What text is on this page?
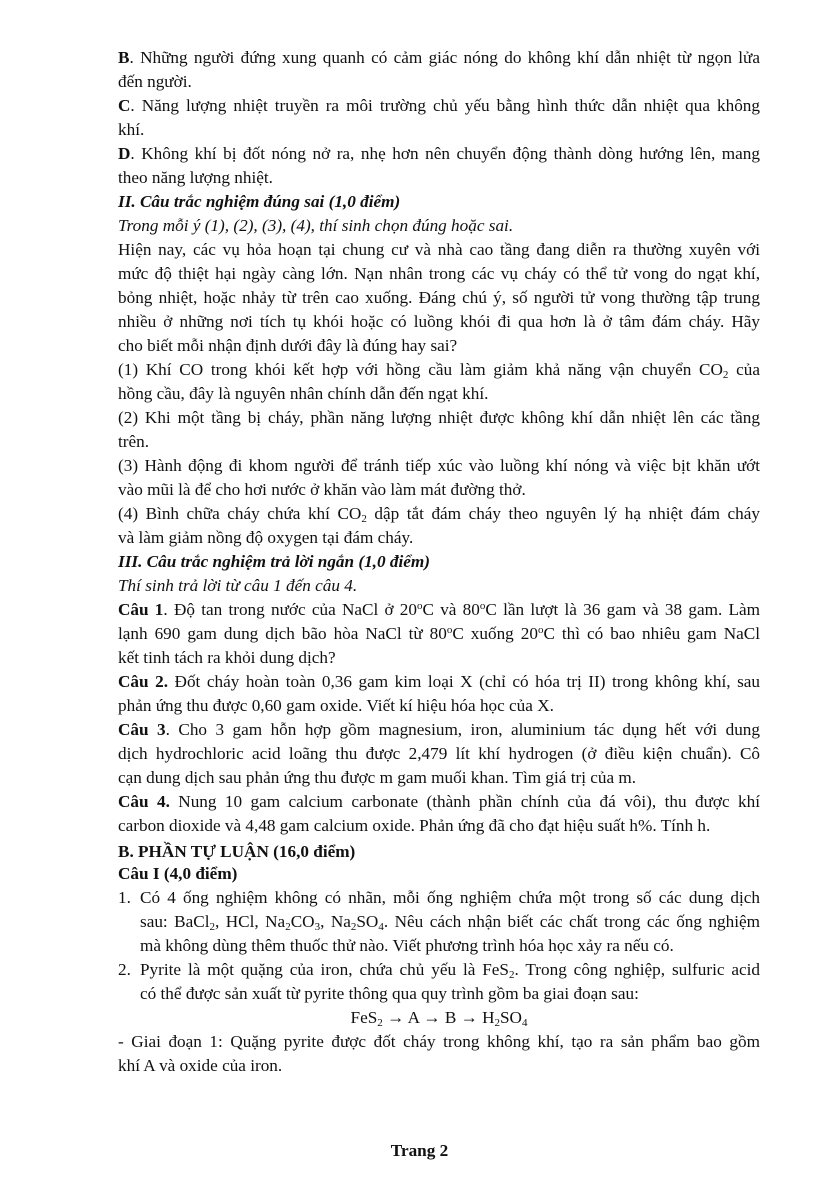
B. Những người đứng xung quanh có cảm giác nóng do không khí dẫn nhiệt từ ngọn lửa
đến người.

C. Năng lượng nhiệt truyền ra môi trường chủ yếu bằng hình thức dẫn nhiệt qua không
khí.

D. Không khí bị đốt nóng nở ra, nhẹ hơn nên chuyển động thành dòng hướng lên, mang
theo năng lượng nhiệt.

II. Câu trắc nghiệm đúng sai (1,0 điểm)

Trong mỗi ý (1), (2), (3), (4), thí sinh chọn đúng hoặc sai.

Hiện nay, các vụ hỏa hoạn tại chung cư và nhà cao tầng đang diễn ra thường xuyên với
mức độ thiệt hại ngày càng lớn. Nạn nhân trong các vụ cháy có thể tử vong do ngạt khí,
bỏng nhiệt, hoặc nhảy từ trên cao xuống. Đáng chú ý, số người tử vong thường tập trung
nhiều ở những nơi tích tụ khói hoặc có luồng khói đi qua hơn là ở tâm đám cháy. Hãy
cho biết mỗi nhận định dưới đây là đúng hay sai?

(1) Khí CO trong khói kết hợp với hồng cầu làm giảm khả năng vận chuyển $CO_2$ của
hồng cầu, đây là nguyên nhân chính dẫn đến ngạt khí.

(2) Khi một tầng bị cháy, phần năng lượng nhiệt được không khí dẫn nhiệt lên các tầng
trên.

(3) Hành động đi khom người để tránh tiếp xúc vào luồng khí nóng và việc bịt khăn ướt
vào mũi là để cho hơi nước ở khăn vào làm mát đường thở.

(4) Bình chữa cháy chứa khí $CO_2$ dập tắt đám cháy theo nguyên lý hạ nhiệt đám cháy
và làm giảm nồng độ oxygen tại đám cháy.

III. Câu trắc nghiệm trả lời ngắn (1,0 điểm)

Thí sinh trả lời từ câu 1 đến câu 4.

Câu 1. Độ tan trong nước của NaCl ở 20$^o$C và 80$^o$C lần lượt là 36 gam và 38 gam. Làm
lạnh 690 gam dung dịch bão hòa NaCl từ 80$^o$C xuống 20$^o$C thì có bao nhiêu gam NaCl
kết tinh tách ra khỏi dung dịch?

Câu 2. Đốt cháy hoàn toàn 0,36 gam kim loại X (chỉ có hóa trị II) trong không khí, sau
phản ứng thu được 0,60 gam oxide. Viết kí hiệu hóa học của X.

Câu 3. Cho 3 gam hỗn hợp gồm magnesium, iron, aluminium tác dụng hết với dung
dịch hydrochloric acid loãng thu được 2,479 lít khí hydrogen (ở điều kiện chuẩn). Cô
cạn dung dịch sau phản ứng thu được m gam muối khan. Tìm giá trị của m.

Câu 4. Nung 10 gam calcium carbonate (thành phần chính của đá vôi), thu được khí
carbon dioxide và 4,48 gam calcium oxide. Phản ứng đã cho đạt hiệu suất h%. Tính h.

B. PHẦN TỰ LUẬN (16,0 điểm)

Câu I (4,0 điểm)

1. Có 4 ống nghiệm không có nhãn, mỗi ống nghiệm chứa một trong số các dung dịch
sau: BaCl$_2$, HCl, $Na_2CO_3$, $Na_2SO_4$. Nêu cách nhận biết các chất trong các ống nghiệm
mà không dùng thêm thuốc thử nào. Viết phương trình hóa học xảy ra nếu có.

2. Pyrite là một quặng của iron, chứa chủ yếu là FeS$_2$. Trong công nghiệp, sulfuric acid
có thể được sản xuất từ pyrite thông qua quy trình gồm ba giai đoạn sau:

$FeS_2 \to A \to B \to H_2SO_4$

- Giai đoạn 1: Quặng pyrite được đốt cháy trong không khí, tạo ra sản phẩm bao gồm
khí A và oxide của iron.

Trang 2
